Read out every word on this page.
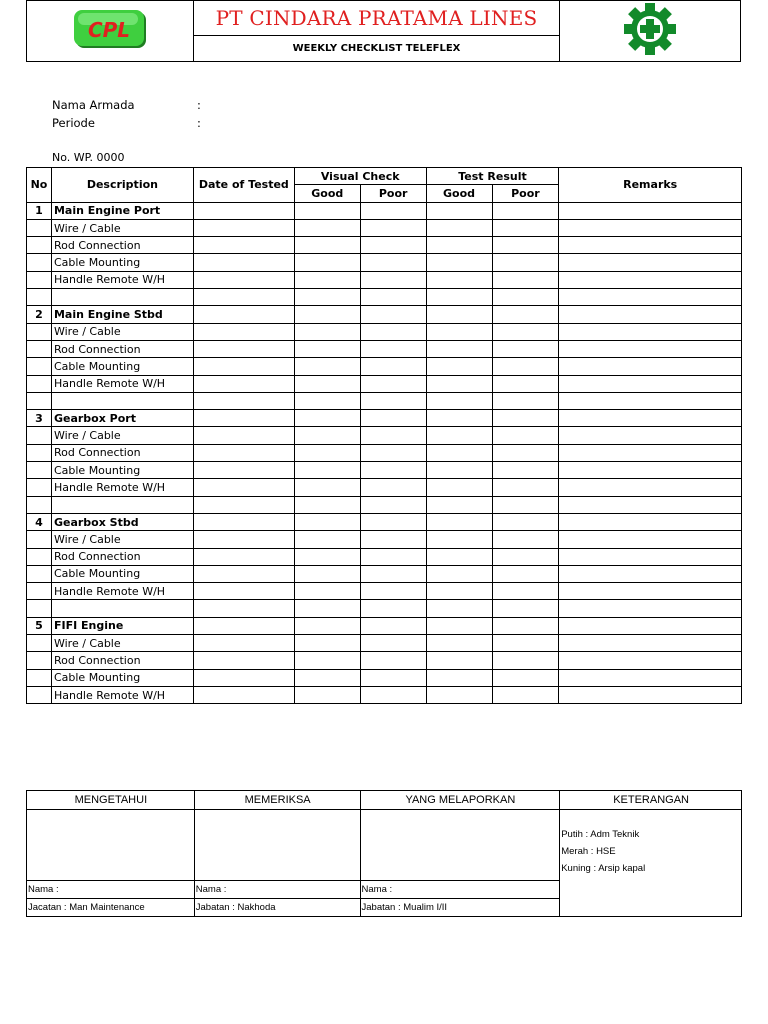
CPL	PT CINDARA PRATAMA LINES	
WEEKLY CHECKLIST TELEFLEX
Nama Armada	:
Periode	:
No. WP. 0000
No	Description	Date of Tested	Visual Check		Test Result		Remarks
			Good	Poor	Good	Poor	
1	Main Engine Port						
	Wire / Cable						
	Rod Connection						
	Cable Mounting						
	Handle Remote W/H						

2	Main Engine Stbd						
	Wire / Cable						
	Rod Connection						
	Cable Mounting						
	Handle Remote W/H						

3	Gearbox Port						
	Wire / Cable						
	Rod Connection						
	Cable Mounting						
	Handle Remote W/H						

4	Gearbox Stbd						
	Wire / Cable						
	Rod Connection						
	Cable Mounting						
	Handle Remote W/H						

5	FIFI Engine						
	Wire / Cable						
	Rod Connection						
	Cable Mounting						
	Handle Remote W/H						
MENGETAHUI	MEMERIKSA	YANG MELAPORKAN	KETERANGAN

			Putih : Adm Teknik
Merah : HSE
Kuning : Arsip kapal

Nama :	Nama :	Nama :	
Jacatan : Man Maintenance	Jabatan : Nakhoda	Jabatan : Mualim I/II	
